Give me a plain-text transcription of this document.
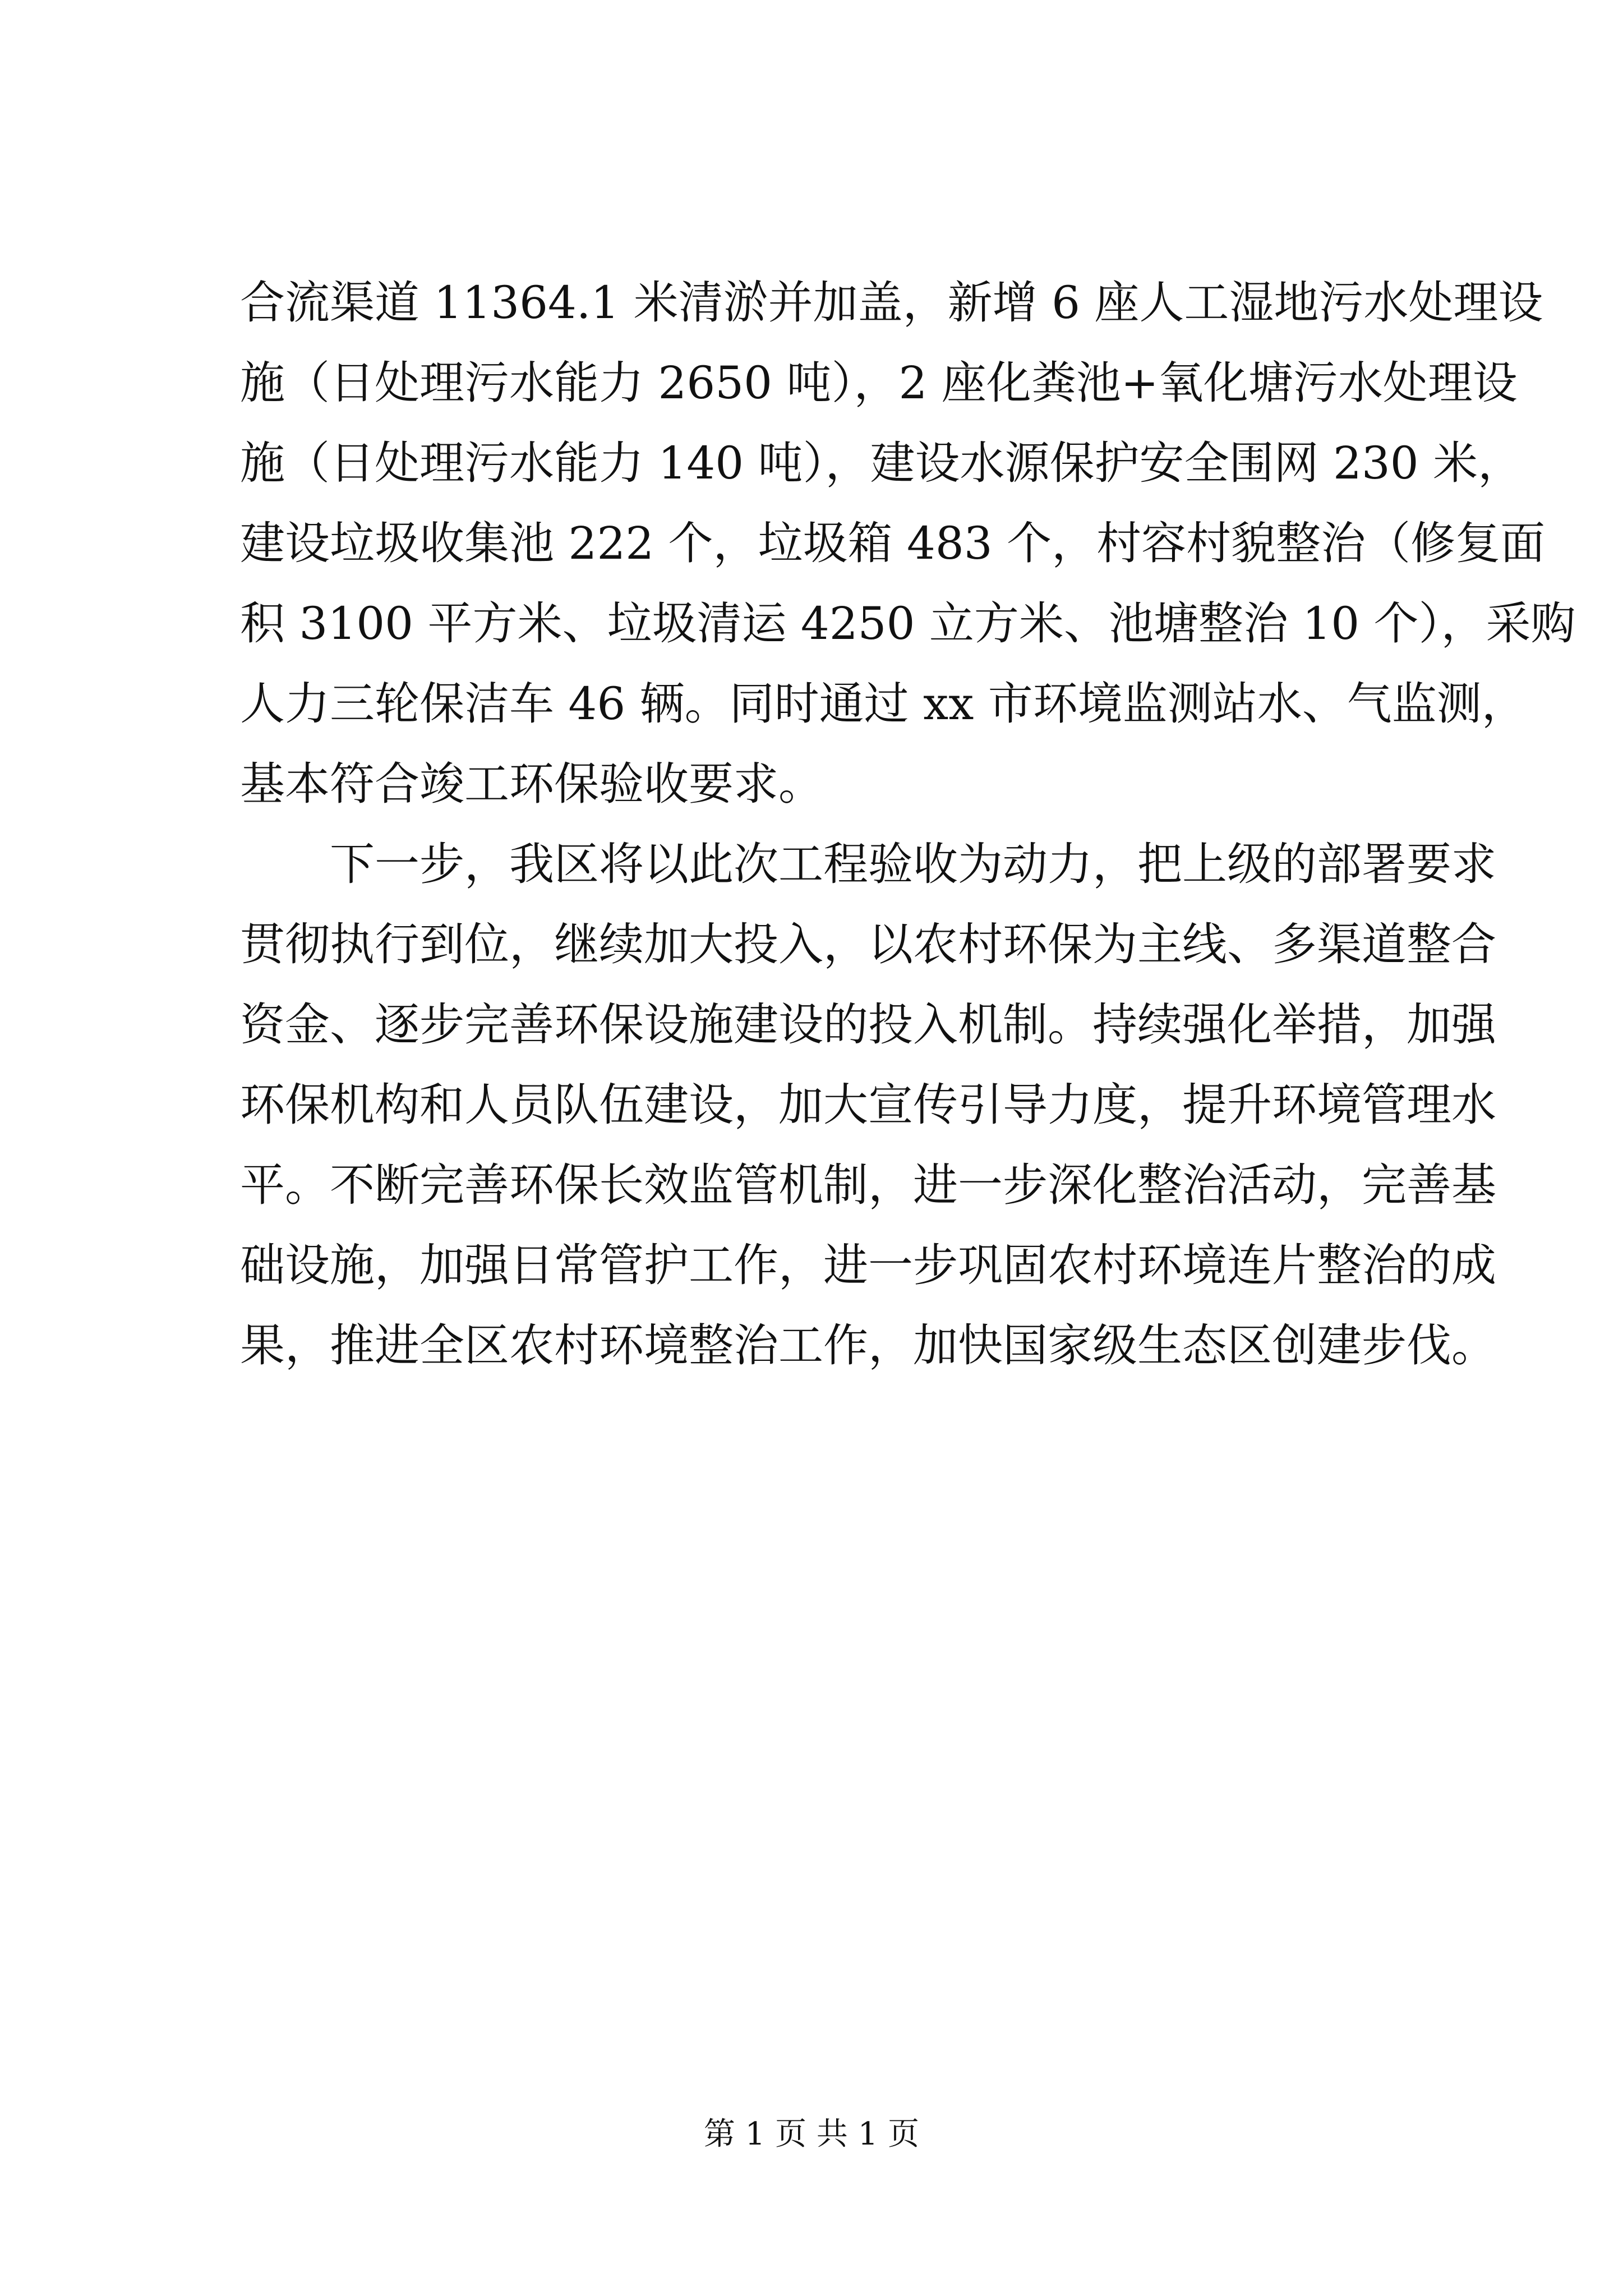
合流渠道 11364.1 米清淤并加盖，新增 6 座人工湿地污水处理设
施（日处理污水能力 2650 吨），2 座化粪池+氧化塘污水处理设
施（日处理污水能力 140 吨），建设水源保护安全围网 230 米，
建设垃圾收集池 222 个，垃圾箱 483 个，村容村貌整治（修复面
积 3100 平方米、垃圾清运 4250 立方米、池塘整治 10 个），采购
人力三轮保洁车 46 辆。同时通过 xx 市环境监测站水、气监测，
基本符合竣工环保验收要求。
下一步，我区将以此次工程验收为动力，把上级的部署要求
贯彻执行到位，继续加大投入，以农村环保为主线、多渠道整合
资金、逐步完善环保设施建设的投入机制。持续强化举措，加强
环保机构和人员队伍建设，加大宣传引导力度，提升环境管理水
平。不断完善环保长效监管机制，进一步深化整治活动，完善基
础设施，加强日常管护工作，进一步巩固农村环境连片整治的成
果，推进全区农村环境整治工作，加快国家级生态区创建步伐。
第 1 页 共 1 页
